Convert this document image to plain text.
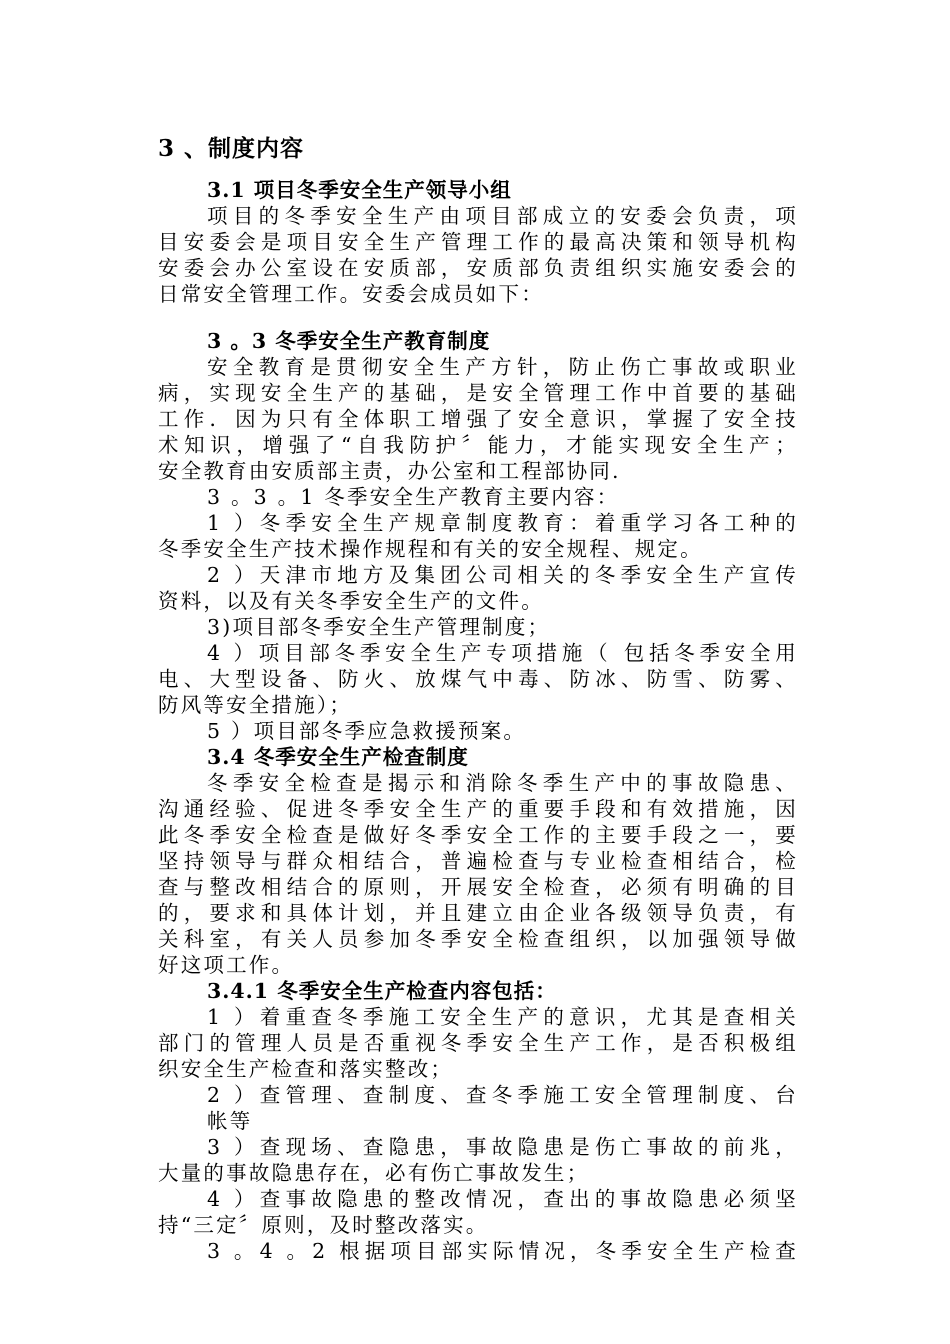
3 、制度内容
3.1 项目冬季安全生产领导小组
项目的冬季安全生产由项目部成立的安委会负责，项
目安委会是项目安全生产管理工作的最高决策和领导机构
安委会办公室设在安质部，安质部负责组织实施安委会的
日常安全管理工作。安委会成员如下：
3 。3 冬季安全生产教育制度
安全教育是贯彻安全生产方针，防止伤亡事故或职业
病，实现安全生产的基础，是安全管理工作中首要的基础
工作．因为只有全体职工增强了安全意识，掌握了安全技
术知识，增强了“自我防护〞能力，才能实现安全生产；
安全教育由安质部主责，办公室和工程部协同.
3 。3 。1 冬季安全生产教育主要内容：
1 ）冬季安全生产规章制度教育：着重学习各工种的
冬季安全生产技术操作规程和有关的安全规程、规定。
2 ）天津市地方及集团公司相关的冬季安全生产宣传
资料，以及有关冬季安全生产的文件。
3)项目部冬季安全生产管理制度；
4 ）项目部冬季安全生产专项措施（ 包括冬季安全用
电、大型设备、防火、放煤气中毒、防冰、防雪、防雾、
防风等安全措施）；
5 ）项目部冬季应急救援预案。
3.4 冬季安全生产检查制度
冬季安全检查是揭示和消除冬季生产中的事故隐患、
沟通经验、促进冬季安全生产的重要手段和有效措施，因
此冬季安全检查是做好冬季安全工作的主要手段之一，要
坚持领导与群众相结合，普遍检查与专业检查相结合，检
查与整改相结合的原则，开展安全检查，必须有明确的目
的，要求和具体计划，并且建立由企业各级领导负责，有
关科室，有关人员参加冬季安全检查组织，以加强领导做
好这项工作。
3.4.1 冬季安全生产检查内容包括：
1 ）着重查冬季施工安全生产的意识，尤其是查相关
部门的管理人员是否重视冬季安全生产工作，是否积极组
织安全生产检查和落实整改；
2 ）查管理、查制度、查冬季施工安全管理制度、台
帐等
3 ）查现场、查隐患，事故隐患是伤亡事故的前兆，
大量的事故隐患存在，必有伤亡事故发生；
4 ）查事故隐患的整改情况，查出的事故隐患必须坚
持“三定〞原则，及时整改落实。
3 。4 。2 根据项目部实际情况，冬季安全生产检查
